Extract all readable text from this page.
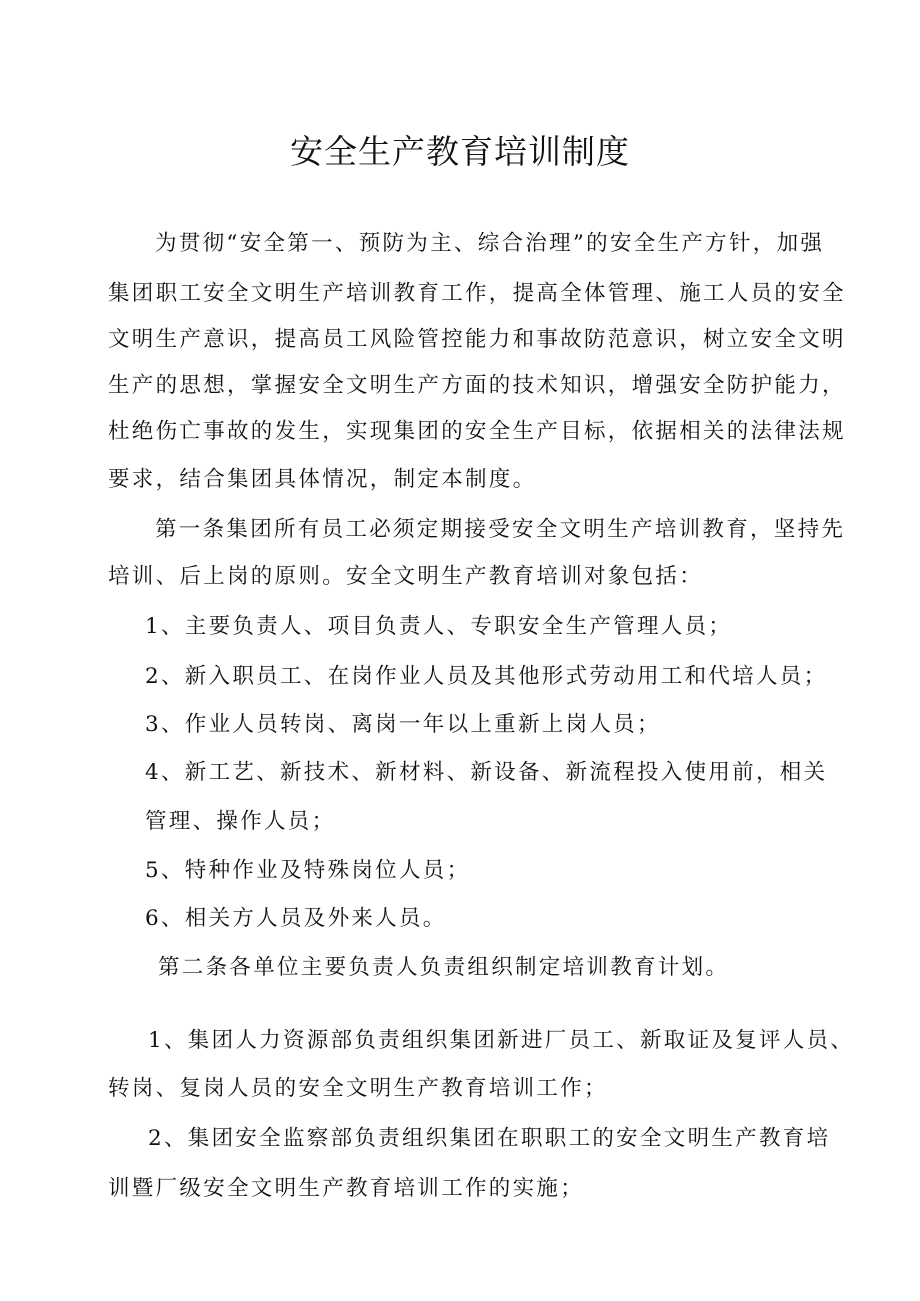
安全生产教育培训制度

为贯彻“安全第一、预防为主、综合治理”的安全生产方针，加强

集团职工安全文明生产培训教育工作，提高全体管理、施工人员的安全

文明生产意识，提高员工风险管控能力和事故防范意识，树立安全文明

生产的思想，掌握安全文明生产方面的技术知识，增强安全防护能力，

杜绝伤亡事故的发生，实现集团的安全生产目标，依据相关的法律法规

要求，结合集团具体情况，制定本制度。

第一条集团所有员工必须定期接受安全文明生产培训教育，坚持先

培训、后上岗的原则。安全文明生产教育培训对象包括：

1、主要负责人、项目负责人、专职安全生产管理人员；

2、新入职员工、在岗作业人员及其他形式劳动用工和代培人员；

3、作业人员转岗、离岗一年以上重新上岗人员；

4、新工艺、新技术、新材料、新设备、新流程投入使用前，相关

管理、操作人员；

5、特种作业及特殊岗位人员；

6、相关方人员及外来人员。

第二条各单位主要负责人负责组织制定培训教育计划。

1、集团人力资源部负责组织集团新进厂员工、新取证及复评人员、

转岗、复岗人员的安全文明生产教育培训工作；

2、集团安全监察部负责组织集团在职职工的安全文明生产教育培

训暨厂级安全文明生产教育培训工作的实施；
